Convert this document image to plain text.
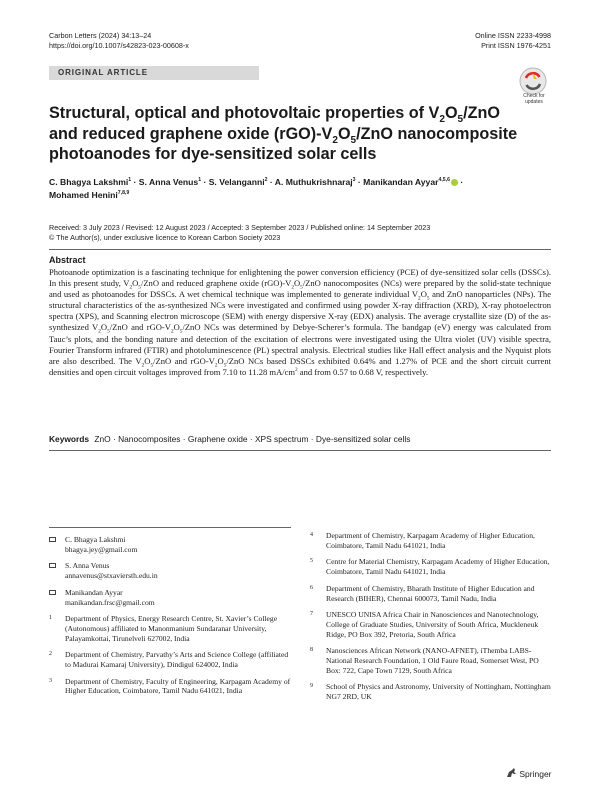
Carbon Letters (2024) 34:13–24
https://doi.org/10.1007/s42823-023-00608-x
Online ISSN 2233-4998
Print ISSN 1976-4251
ORIGINAL ARTICLE
Check for updates
Structural, optical and photovoltaic properties of $V_2O_5$/ZnO
and reduced graphene oxide $(rGO)-V_2O_5$/ZnO nanocomposite
photoanodes for dye-sensitized solar cells
C. Bhagya Lakshmi$^1$ · S. Anna Venus$^1$ · S. Velanganni$^2$ · A. Muthukrishnaraj$^3$ · Manikandan Ayyar$^{4,5,6}$ ·
Mohamed Henini$^{7,8,9}$
Received: 3 July 2023 / Revised: 12 August 2023 / Accepted: 3 September 2023 / Published online: 14 September 2023
© The Author(s), under exclusive licence to Korean Carbon Society 2023
Abstract
Photoanode optimization is a fascinating technique for enlightening the power conversion efficiency (PCE) of dye-sensitized solar cells (DSSCs). In this present study, $V_2O_5$/ZnO and reduced graphene oxide $(rGO)-V_2O_5$/ZnO nanocomposites (NCs) were prepared by the solid-state technique and used as photoanodes for DSSCs. A wet chemical technique was implemented to generate individual $V_2O_5$ and ZnO nanoparticles (NPs). The structural characteristics of the as-synthesized NCs were investigated and confirmed using powder X-ray diffraction (XRD), X-ray photoelectron spectra (XPS), and Scanning electron microscope (SEM) with energy dispersive X-ray (EDX) analysis. The average crystallite size (D) of the as-synthesized $V_2O_5$/ZnO and rGO-$V_2O_5$/ZnO NCs was determined by Debye-Scherer’s formula. The bandgap (eV) energy was calculated from Tauc’s plots, and the bonding nature and detection of the excitation of electrons were investigated using the Ultra violet (UV) visible spectra, Fourier Transform infrared (FTIR) and photoluminescence (PL) spectral analysis. Electrical studies like Hall effect analysis and the Nyquist plots are also described. The $V_2O_5$/ZnO and rGO-$V_2O_5$/ZnO NCs based DSSCs exhibited 0.64% and 1.27% of PCE and the short circuit current densities and open circuit voltages improved from 7.10 to 11.28 $mA/cm^2$ and from 0.57 to 0.68 V, respectively.
Keywords ZnO · Nanocomposites · Graphene oxide · XPS spectrum · Dye-sensitized solar cells
C. Bhagya Lakshmi
bhagya.jey@gmail.com
S. Anna Venus
annavenus@stxaviersth.edu.in
Manikandan Ayyar
manikandan.frsc@gmail.com
1 Department of Physics, Energy Research Centre, St. Xavier’s College (Autonomous) affiliated to Manonmanium Sundaranar University, Palayamkottai, Tirunelveli 627002, India
2 Department of Chemistry, Parvathy’s Arts and Science College (affiliated to Madurai Kamaraj University), Dindigul 624002, India
3 Department of Chemistry, Faculty of Engineering, Karpagam Academy of Higher Education, Coimbatore, Tamil Nadu 641021, India
4 Department of Chemistry, Karpagam Academy of Higher Education, Coimbatore, Tamil Nadu 641021, India
5 Centre for Material Chemistry, Karpagam Academy of Higher Education, Coimbatore, Tamil Nadu 641021, India
6 Department of Chemistry, Bharath Institute of Higher Education and Research (BIHER), Chennai 600073, Tamil Nadu, India
7 UNESCO UNISA Africa Chair in Nanosciences and Nanotechnology, College of Graduate Studies, University of South Africa, Muckleneuk Ridge, PO Box 392, Pretoria, South Africa
8 Nanosciences African Network (NANO-AFNET), iThemba LABS-National Research Foundation, 1 Old Faure Road, Somerset West, PO Box: 722, Cape Town 7129, South Africa
9 School of Physics and Astronomy, University of Nottingham, Nottingham NG7 2RD, UK
Springer
